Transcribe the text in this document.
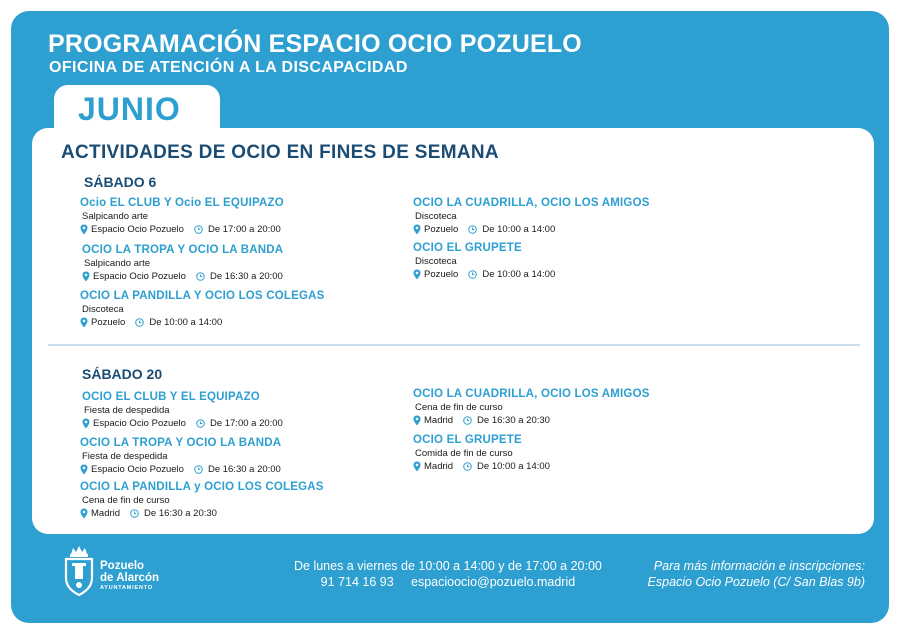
PROGRAMACIÓN ESPACIO OCIO POZUELO
OFICINA DE ATENCIÓN A LA DISCAPACIDAD
JUNIO
ACTIVIDADES DE OCIO EN FINES DE SEMANA
SÁBADO 6
Ocio EL CLUB Y Ocio EL EQUIPAZO
Salpicando arte
Espacio Ocio Pozuelo	De 17:00 a 20:00
OCIO LA TROPA Y OCIO LA BANDA
Salpicando arte
Espacio Ocio Pozuelo	De 16:30 a 20:00
OCIO LA PANDILLA Y OCIO LOS COLEGAS
Discoteca
Pozuelo	De 10:00 a 14:00
OCIO LA CUADRILLA, OCIO LOS AMIGOS
Discoteca
Pozuelo	De 10:00 a 14:00
OCIO EL GRUPETE
Discoteca
Pozuelo	De 10:00 a 14:00
SÁBADO 20
OCIO EL CLUB Y EL EQUIPAZO
Fiesta de despedida
Espacio Ocio Pozuelo	De 17:00 a 20:00
OCIO LA TROPA Y OCIO LA BANDA
Fiesta de despedida
Espacio Ocio Pozuelo	De 16:30 a 20:00
OCIO LA PANDILLA y OCIO LOS COLEGAS
Cena de fin de curso
Madrid	De 16:30 a 20:30
OCIO LA CUADRILLA, OCIO LOS AMIGOS
Cena de fin de curso
Madrid	De 16:30 a 20:30
OCIO EL GRUPETE
Comida de fin de curso
Madrid	De 10:00 a 14:00
Pozuelo
de Alarcón
AYUNTAMIENTO
De lunes a viernes de 10:00 a 14:00 y de 17:00 a 20:00
91 714 16 93     espacioocio@pozuelo.madrid
Para más información e inscripciones:
Espacio Ocio Pozuelo (C/ San Blas 9b)
